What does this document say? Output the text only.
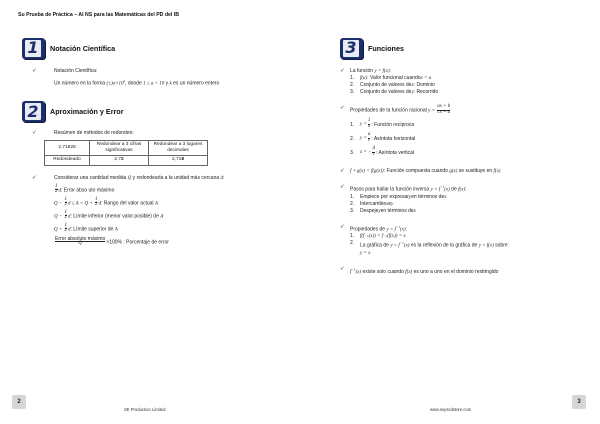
Su Prueba de Práctica – AI NS para las Matemáticas del PD del IB
1	Notación Científica
✓	Notación Científica:
Un número en la forma $(\pm)a\times 10^k$, donde 1 ≤ a < 10 y k es un número entero
2	Aproximación y Error
✓	Resúmen de métodos de redondeo:
2,71828	Redondear a 3 cifras significativas	Redondear a 3 lugares decimales
Redondeado	2,72	2,718
✓	Considerar una cantidad medida Q y redondearla a la unidad más cercana d:
$\frac{1}{2} d$: Error abso uto máximo
$Q - \frac{1}{2}$ $d \le A < Q + \frac{1}{2} d$: Rango del valor actual A
$Q - \frac{1}{2} d$: Límite inferior (menor valor posible) de A
$Q + \frac{1}{2} d$: Límite superior de A
$\frac{\text{Error absoluto máximo}}{Q} \times 100\%$ : Porcentaje de error
3	Funciones
✓ La función y = f(x):
1.	f(a) : Valor funcional cuando x = a
2.	Conjunto de valores de x : Dominio
3.	Conjunto de valores de y : Recorrido
✓ Propiedades de la función racional $y = \frac{ax + b}{cx + d}$
1.	$y = \frac{1}{x}$ : Función recíproca
2.	$y = \frac{a}{c}$ : Asíntota horizontal
3.	x = − $\frac{d}{c}$ : Asíntota vertical
✓ f ∘ g(x) = f(g(x)): Función compuesta cuando g(x) se sustituye en f(x)
✓ Pasos para hallar la función inversa $y = f^{-1}(x)$ de f(x):
1.	Empiece por expresar y en términos de x
2.	Intercambie x e y
3.	Despeje y en términos de x
✓ Propiedades de $y = f^{-1}(x)$:
1.	f(f −1 (x)) = f −1 (f(x)) = x
2.	La gráfica de $y = f^{-1}(x)$ es la reflexión de la gráfica de y = f(x) sobre
y = x
✓
$f^{-1}(x)$ existe solo cuando f(x) es uno a uno en el dominio restringido
2	3
SE Production Limited	www.seprodstore.com
